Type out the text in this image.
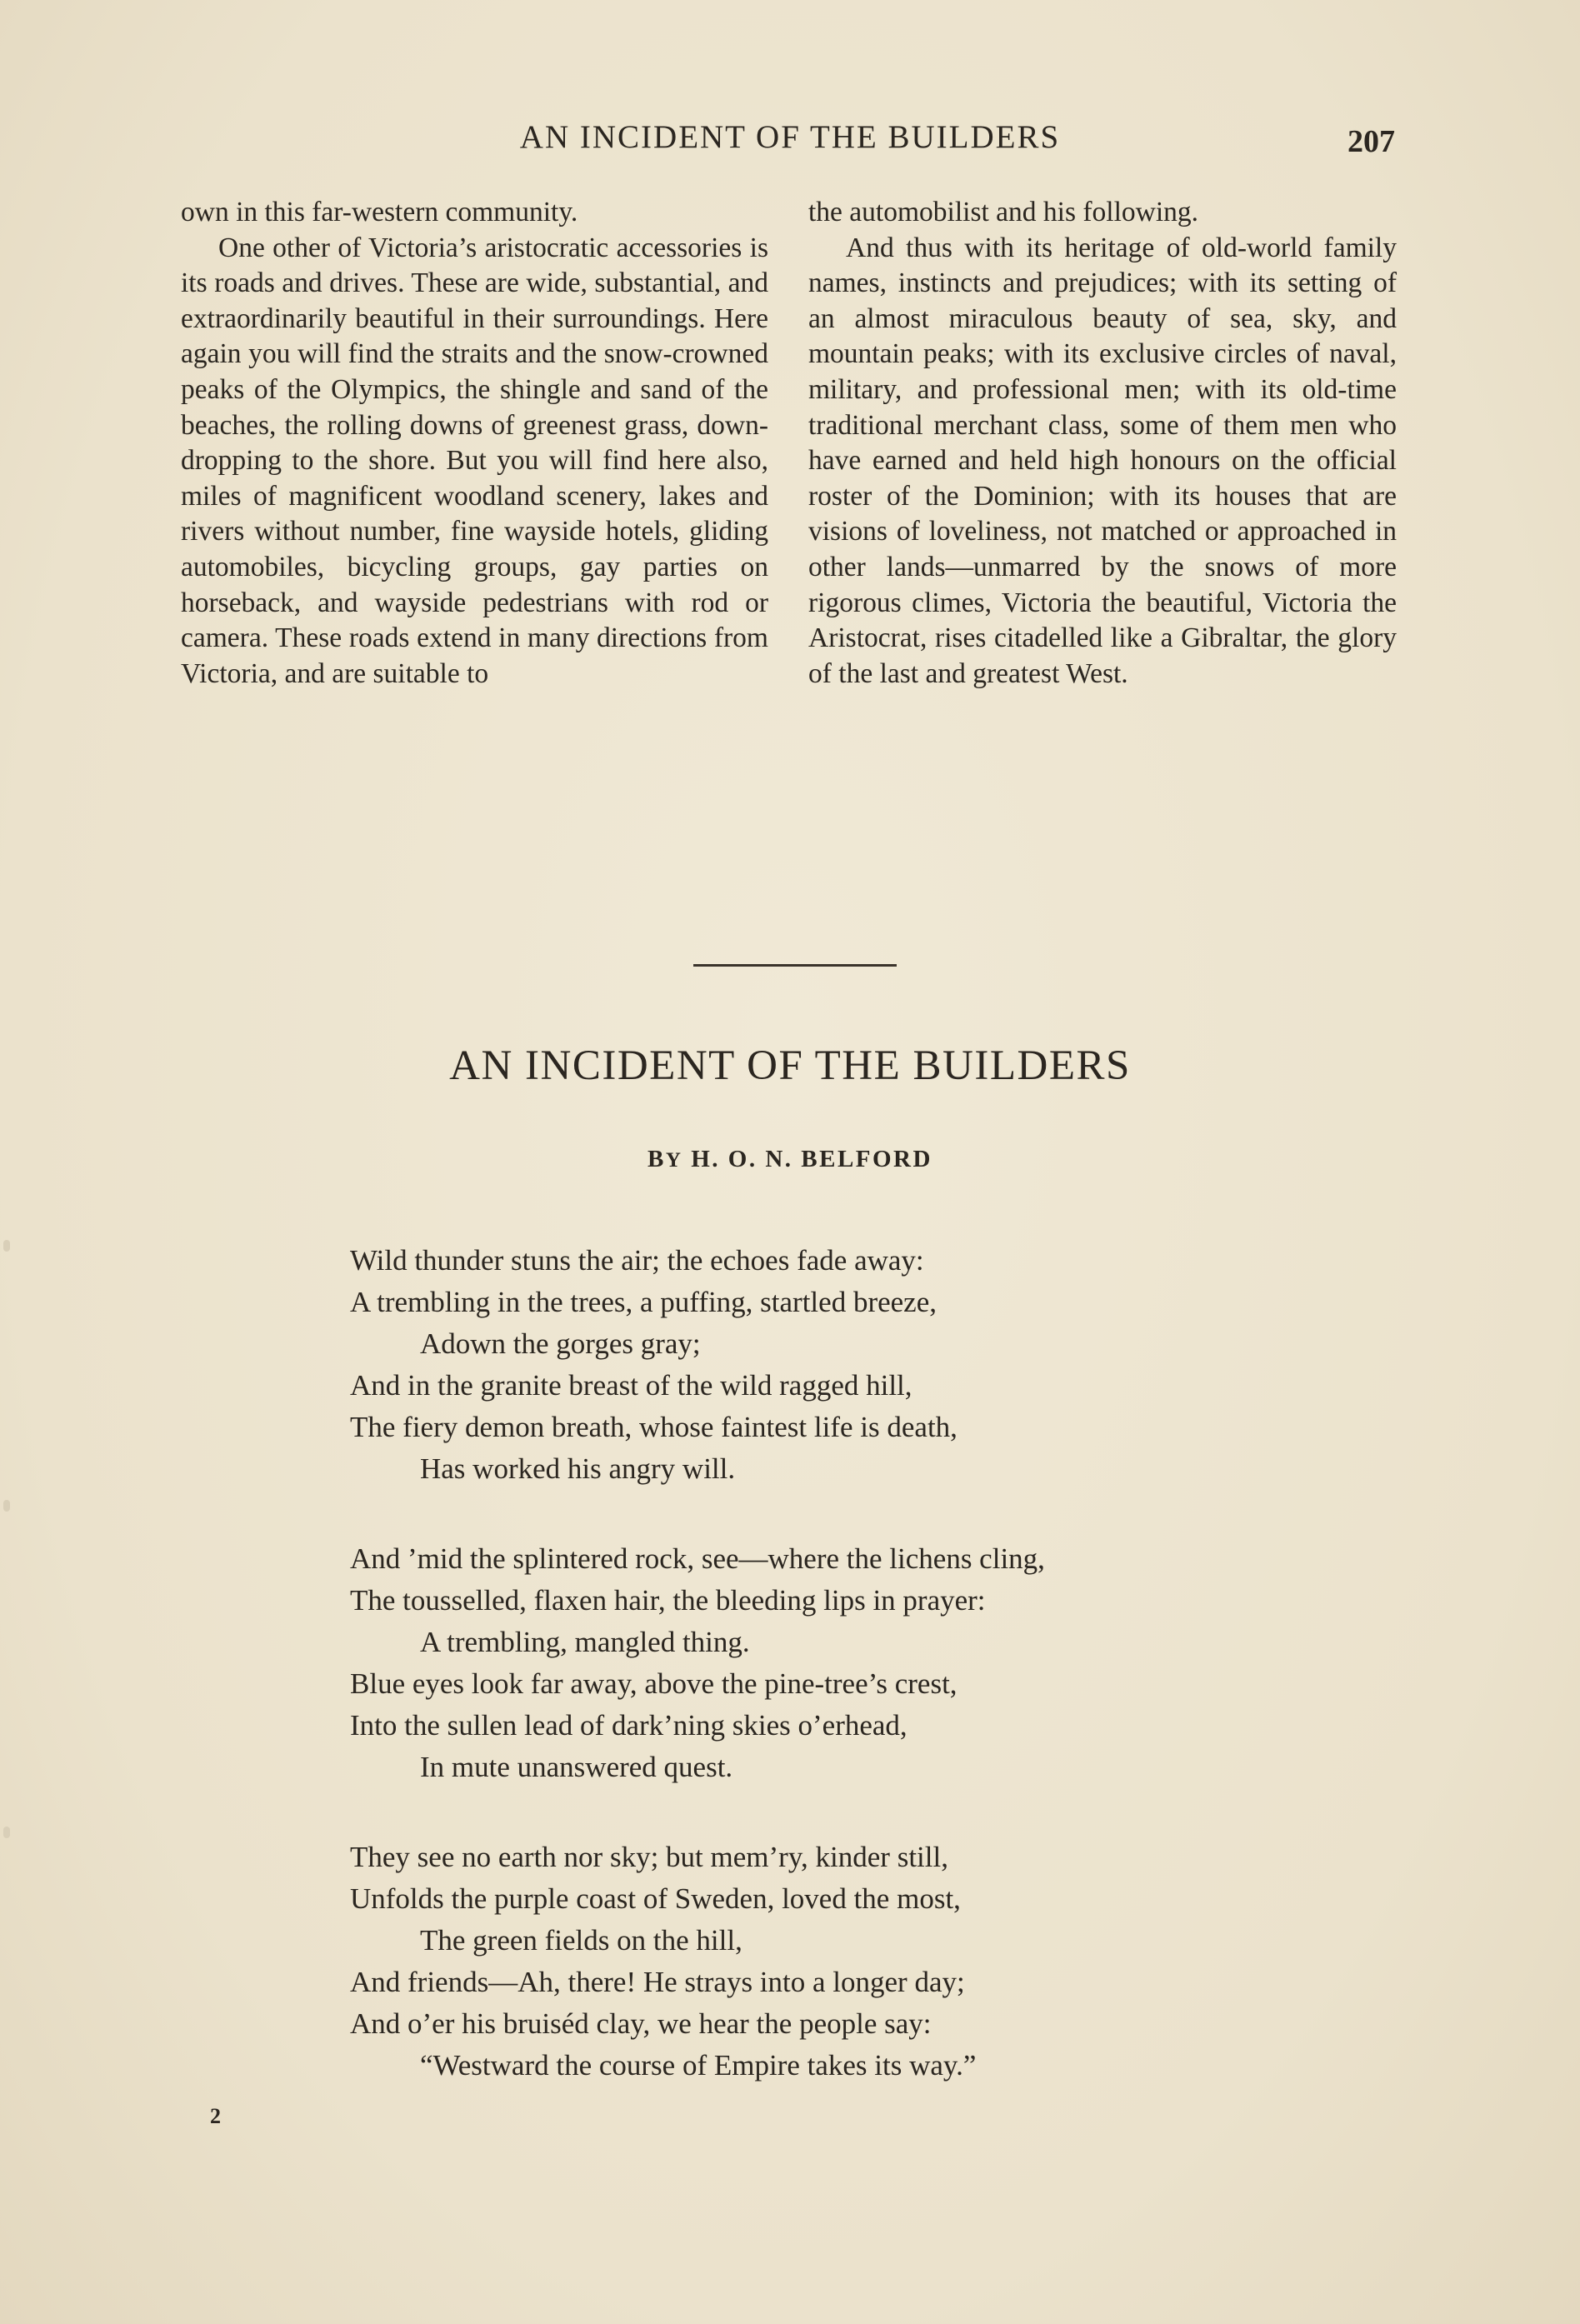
AN INCIDENT OF THE BUILDERS	207

own in this far-western community.

One other of Victoria’s aristocratic accessories is its roads and drives. These are wide, substantial, and extraordinarily beautiful in their surroundings. Here again you will find the straits and the snow-crowned peaks of the Olympics, the shingle and sand of the beaches, the rolling downs of greenest grass, down-dropping to the shore. But you will find here also, miles of magnificent woodland scenery, lakes and rivers without number, fine wayside hotels, gliding automobiles, bicycling groups, gay parties on horseback, and wayside pedestrians with rod or camera. These roads extend in many directions from Victoria, and are suitable to

the automobilist and his following.

And thus with its heritage of old-world family names, instincts and prejudices; with its setting of an almost miraculous beauty of sea, sky, and mountain peaks; with its exclusive circles of naval, military, and professional men; with its old-time traditional merchant class, some of them men who have earned and held high honours on the official roster of the Dominion; with its houses that are visions of loveliness, not matched or approached in other lands—unmarred by the snows of more rigorous climes, Victoria the beautiful, Victoria the Aristocrat, rises citadelled like a Gibraltar, the glory of the last and greatest West.

AN INCIDENT OF THE BUILDERS
BY H. O. N. BELFORD
Wild thunder stuns the air; the echoes fade away:
A trembling in the trees, a puffing, startled breeze,
Adown the gorges gray;
And in the granite breast of the wild ragged hill,
The fiery demon breath, whose faintest life is death,
Has worked his angry will.
And ’mid the splintered rock, see—where the lichens cling,
The tousselled, flaxen hair, the bleeding lips in prayer:
A trembling, mangled thing.
Blue eyes look far away, above the pine-tree’s crest,
Into the sullen lead of dark’ning skies o’erhead,
In mute unanswered quest.
They see no earth nor sky; but mem’ry, kinder still,
Unfolds the purple coast of Sweden, loved the most,
The green fields on the hill,
And friends—Ah, there! He strays into a longer day;
And o’er his bruiséd clay, we hear the people say:
“Westward the course of Empire takes its way.”
2
